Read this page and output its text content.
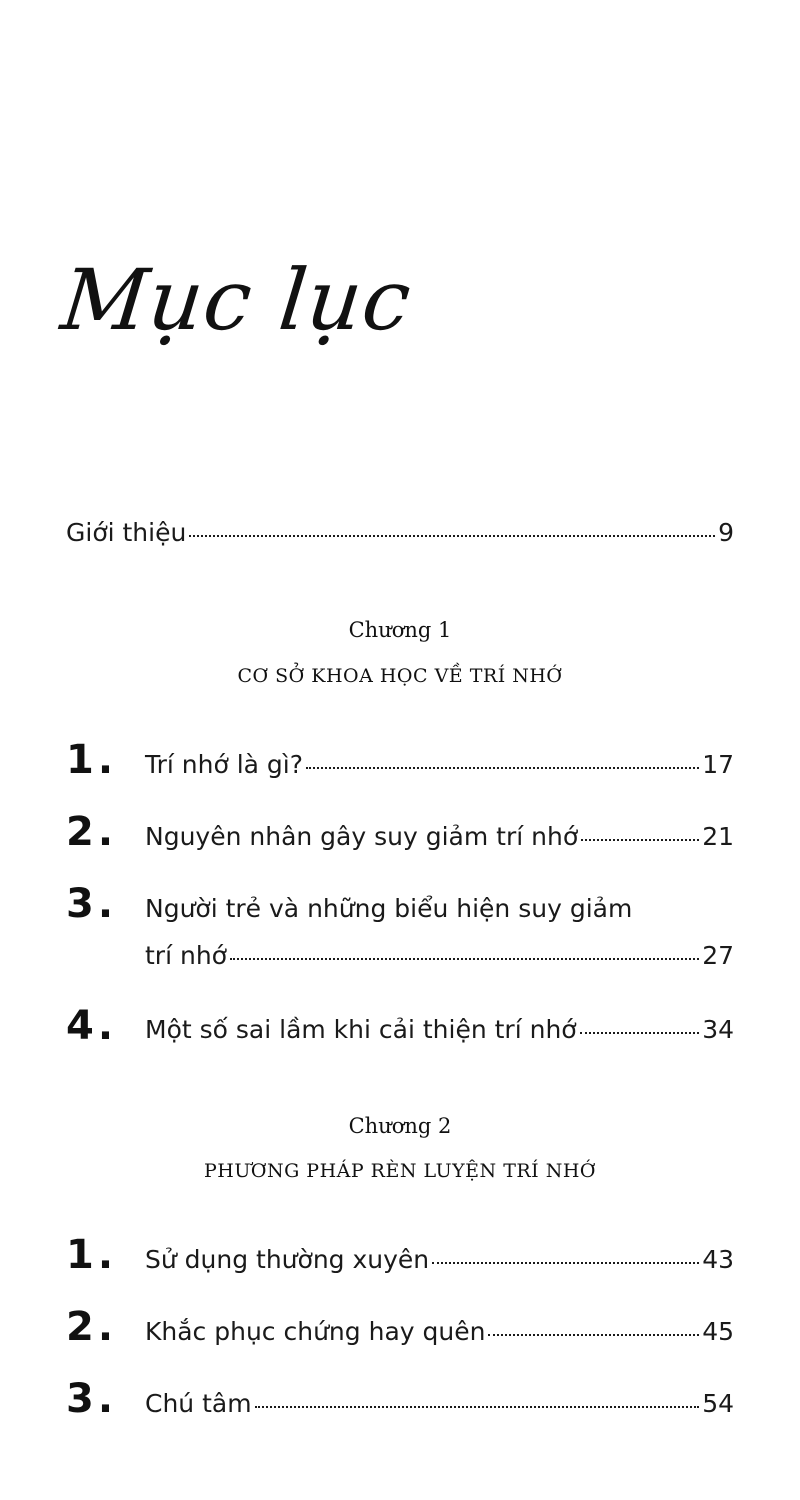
Mục lục
Giới thiệu	9
Chương 1
CƠ SỞ KHOA HỌC VỀ TRÍ NHỚ
1. Trí nhớ là gì?	17
2. Nguyên nhân gây suy giảm trí nhớ	21
3. Người trẻ và những biểu hiện suy giảm
trí nhớ	27
4. Một số sai lầm khi cải thiện trí nhớ	34
Chương 2
PHƯƠNG PHÁP RÈN LUYỆN TRÍ NHỚ
1. Sử dụng thường xuyên	43
2. Khắc phục chứng hay quên	45
3. Chú tâm	54
